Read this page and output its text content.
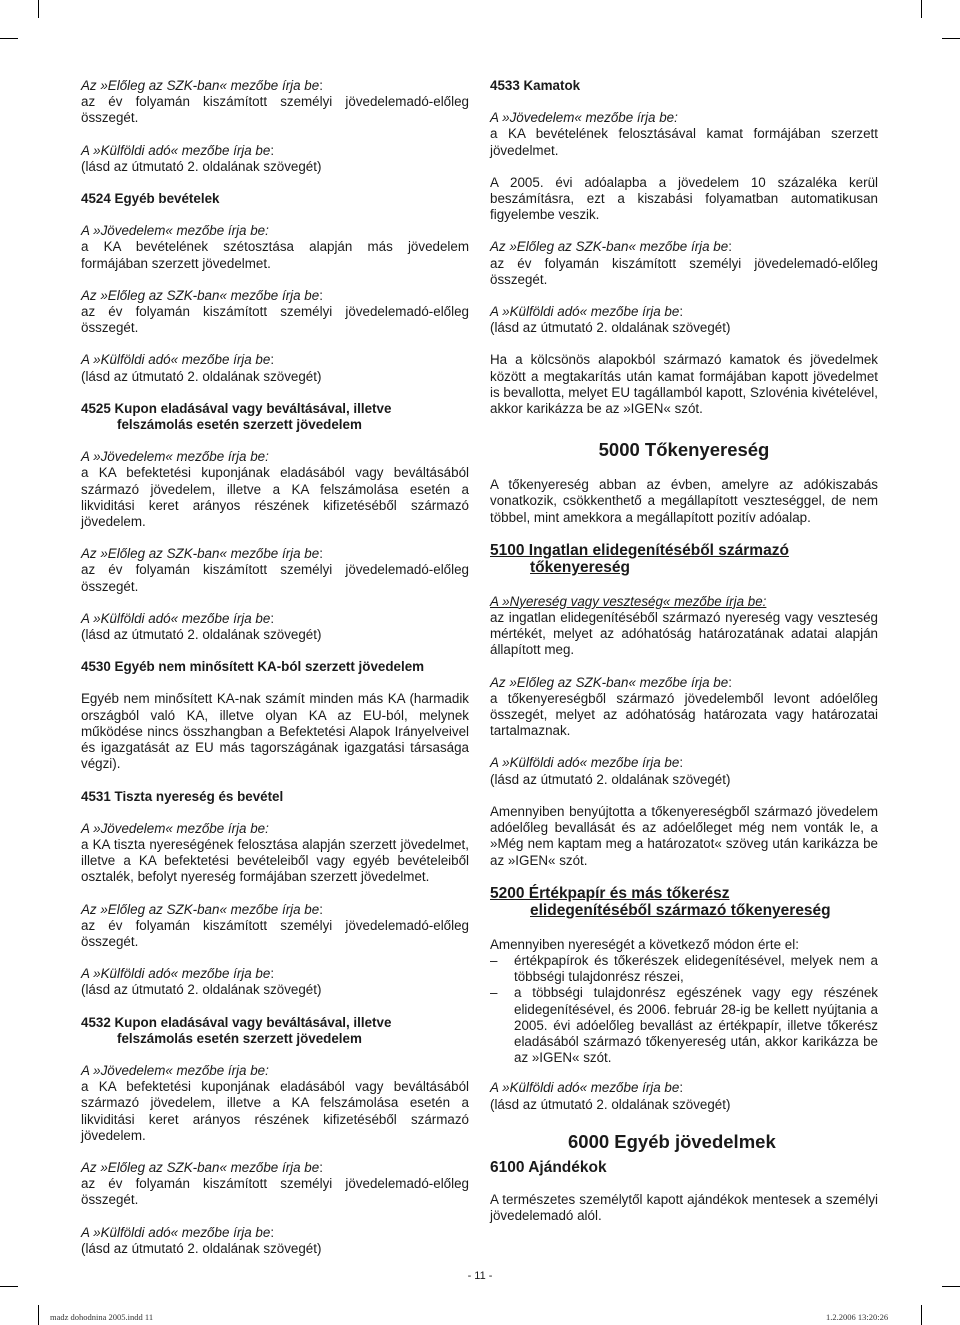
Az »Előleg az SZK-ban« mezőbe írja be:

az év folyamán kiszámított személyi jövedelemadó-előleg összegét.

A »Külföldi adó« mezőbe írja be:

(lásd az útmutató 2. oldalának szövegét)

4524 Egyéb bevételek

A »Jövedelem« mezőbe írja be:

a KA bevételének szétosztása alapján más jövedelem formájában szerzett jövedelmet.

Az »Előleg az SZK-ban« mezőbe írja be:

az év folyamán kiszámított személyi jövedelemadó-előleg összegét.

A »Külföldi adó« mezőbe írja be:

(lásd az útmutató 2. oldalának szövegét)

4525 Kupon eladásával vagy beváltásával, illetve
felszámolás esetén szerzett jövedelem

A »Jövedelem« mezőbe írja be:

a KA befektetési kuponjának eladásából vagy beváltásából származó jövedelem, illetve a KA felszámolása esetén a likviditási keret arányos részének kifizetéséből származó jövedelem.

Az »Előleg az SZK-ban« mezőbe írja be:

az év folyamán kiszámított személyi jövedelemadó-előleg összegét.

A »Külföldi adó« mezőbe írja be:

(lásd az útmutató 2. oldalának szövegét)

4530 Egyéb nem minősített KA-ból szerzett jövedelem

Egyéb nem minősített KA-nak számít minden más KA (harmadik országból való KA, illetve olyan KA az EU-ból, melynek működése nincs összhangban a Befektetési Alapok Irányelveivel és igazgatását az EU más tagországának igazgatási társasága végzi).

4531 Tiszta nyereség és bevétel

A »Jövedelem« mezőbe írja be:

a KA tiszta nyereségének felosztása alapján szerzett jövedelmet, illetve a KA befektetési bevételeiből vagy egyéb bevételeiből osztalék, befolyt nyereség formájában szerzett jövedelmet.

Az »Előleg az SZK-ban« mezőbe írja be:

az év folyamán kiszámított személyi jövedelemadó-előleg összegét.

A »Külföldi adó« mezőbe írja be:

(lásd az útmutató 2. oldalának szövegét)

4532 Kupon eladásával vagy beváltásával, illetve
felszámolás esetén szerzett jövedelem

A »Jövedelem« mezőbe írja be:

a KA befektetési kuponjának eladásából vagy beváltásából származó jövedelem, illetve a KA felszámolása esetén a likviditási keret arányos részének kifizetéséből származó jövedelem.

Az »Előleg az SZK-ban« mezőbe írja be:

az év folyamán kiszámított személyi jövedelemadó-előleg összegét.

A »Külföldi adó« mezőbe írja be:

(lásd az útmutató 2. oldalának szövegét)

4533 Kamatok

A »Jövedelem« mezőbe írja be:

a KA bevételének felosztásával kamat formájában szerzett jövedelmet.

A 2005. évi adóalapba a jövedelem 10 százaléka kerül beszámításra, ezt a kiszabási folyamatban automatikusan figyelembe veszik.

Az »Előleg az SZK-ban« mezőbe írja be:

az év folyamán kiszámított személyi jövedelemadó-előleg összegét.

A »Külföldi adó« mezőbe írja be:

(lásd az útmutató 2. oldalának szövegét)

Ha a kölcsönös alapokból származó kamatok és jövedelmek között a megtakarítás után kamat formájában kapott jövedelmet is bevallotta, melyet EU tagállamból kapott, Szlovénia kivételével, akkor karikázza be az »IGEN« szót.

5000 Tőkenyereség

A tőkenyereség abban az évben, amelyre az adókiszabás vonatkozik, csökkenthető a megállapított veszteséggel, de nem többel, mint amekkora a megállapított pozitív adóalap.

5100 Ingatlan elidegenítéséből származó
tőkenyereség

A »Nyereség vagy veszteség« mezőbe írja be:

az ingatlan elidegenítéséből származó nyereség vagy veszteség mértékét, melyet az adóhatóság határozatának adatai alapján állapított meg.

Az »Előleg az SZK-ban« mezőbe írja be:

a tőkenyereségből származó jövedelemből levont adóelőleg összegét, melyet az adóhatóság határozata vagy határozatai tartalmaznak.

A »Külföldi adó« mezőbe írja be:

(lásd az útmutató 2. oldalának szövegét)

Amennyiben benyújtotta a tőkenyereségből származó jövedelem adóelőleg bevallását és az adóelőleget még nem vonták le, a »Még nem kaptam meg a határozatot« szöveg után karikázza be az »IGEN« szót.

5200 Értékpapír és más tőkerész
elidegenítéséből származó tőkenyereség

Amennyiben nyereségét a következő módon érte el:

– értékpapírok és tőkerészek elidegenítésével, melyek nem a többségi tulajdonrész részei,
– a többségi tulajdonrész egészének vagy egy részének elidegenítésével, és 2006. február 28-ig be kellett nyújtania a 2005. évi adóelőleg bevallást az értékpapír, illetve tőkerész eladásából származó tőkenyereség után, akkor karikázza be az »IGEN« szót.

A »Külföldi adó« mezőbe írja be:

(lásd az útmutató 2. oldalának szövegét)

6000 Egyéb jövedelmek
6100 Ajándékok

A természetes személytől kapott ajándékok mentesek a személyi jövedelemadó alól.

- 11 -
madz dohodnina 2005.indd 11	1.2.2006 13:20:26
